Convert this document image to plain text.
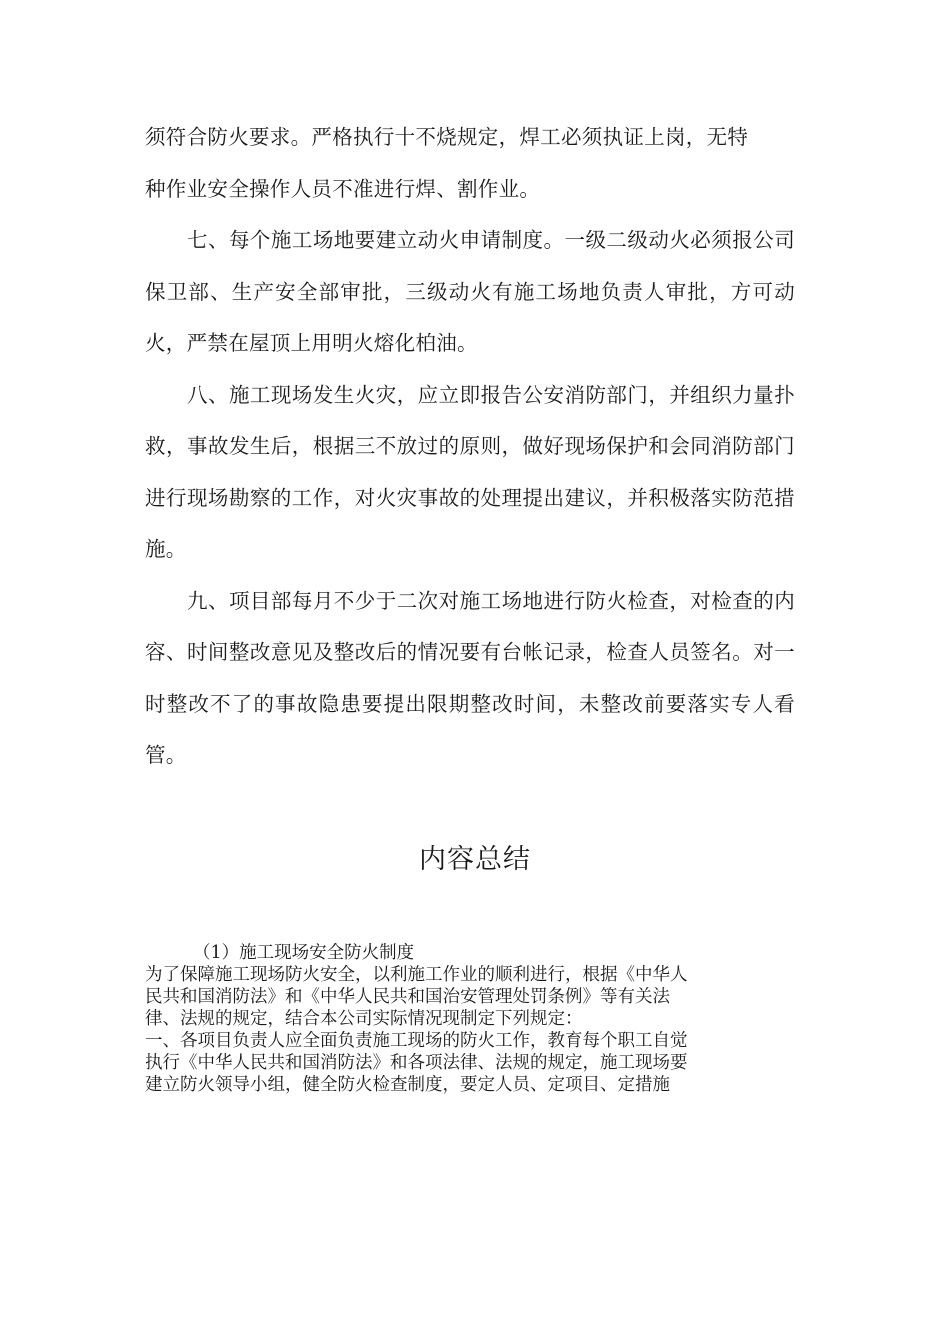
须符合防火要求。严格执行十不烧规定，焊工必须执证上岗，无特
种作业安全操作人员不准进行焊、割作业。

七、每个施工场地要建立动火申请制度。一级二级动火必须报公司保卫部、生产安全部审批，三级动火有施工场地负责人审批，方可动火，严禁在屋顶上用明火熔化柏油。

八、施工现场发生火灾，应立即报告公安消防部门，并组织力量扑救，事故发生后，根据三不放过的原则，做好现场保护和会同消防部门进行现场勘察的工作，对火灾事故的处理提出建议，并积极落实防范措施。

九、项目部每月不少于二次对施工场地进行防火检查，对检查的内容、时间整改意见及整改后的情况要有台帐记录，检查人员签名。对一时整改不了的事故隐患要提出限期整改时间，未整改前要落实专人看管。

内容总结

（1）施工现场安全防火制度

为了保障施工现场防火安全，以利施工作业的顺利进行，根据《中华人

民共和国消防法》和《中华人民共和国治安管理处罚条例》等有关法

律、法规的规定，结合本公司实际情况现制定下列规定：

一、各项目负责人应全面负责施工现场的防火工作，教育每个职工自觉

执行《中华人民共和国消防法》和各项法律、法规的规定，施工现场要

建立防火领导小组，健全防火检查制度，要定人员、定项目、定措施
